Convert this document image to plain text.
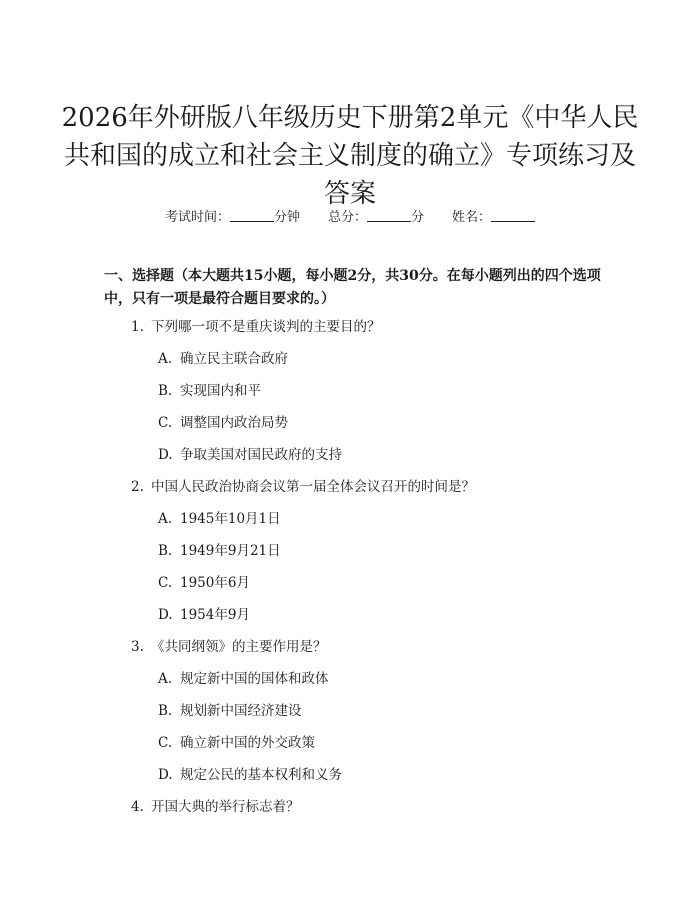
2026年外研版八年级历史下册第2单元《中华人民共和国的成立和社会主义制度的确立》专项练习及答案
考试时间：	分钟 总分：	分 姓名：
一、选择题（本大题共15小题，每小题2分，共30分。在每小题列出的四个选项中，只有一项是最符合题目要求的。）
1. 下列哪一项不是重庆谈判的主要目的？
A. 确立民主联合政府
B. 实现国内和平
C. 调整国内政治局势
D. 争取美国对国民政府的支持
2. 中国人民政治协商会议第一届全体会议召开的时间是？
A. 1945年10月1日
B. 1949年9月21日
C. 1950年6月
D. 1954年9月
3. 《共同纲领》的主要作用是？
A. 规定新中国的国体和政体
B. 规划新中国经济建设
C. 确立新中国的外交政策
D. 规定公民的基本权利和义务
4. 开国大典的举行标志着？
